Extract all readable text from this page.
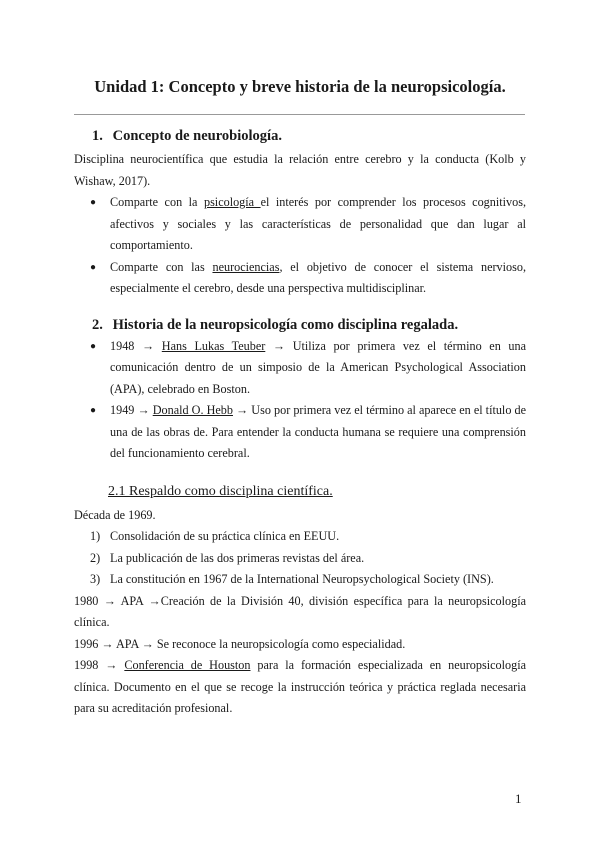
Unidad 1: Concepto y breve historia de la neuropsicología.
1. Concepto de neurobiología.

Disciplina neurocientífica que estudia la relación entre cerebro y la conducta (Kolb y Wishaw, 2017).

● Comparte con la psicología el interés por comprender los procesos cognitivos, afectivos y sociales y las características de personalidad que dan lugar al comportamiento.
● Comparte con las neurociencias, el objetivo de conocer el sistema nervioso, especialmente el cerebro, desde una perspectiva multidisciplinar.
2. Historia de la neuropsicología como disciplina regalada.
● 1948 → Hans Lukas Teuber → Utiliza por primera vez el término en una comunicación dentro de un simposio de la American Psychological Association (APA), celebrado en Boston.
● 1949 → Donald O. Hebb → Uso por primera vez el término al aparece en el título de una de las obras de. Para entender la conducta humana se requiere una comprensión del funcionamiento cerebral.
2.1 Respaldo como disciplina científica.

Década de 1969.

1) Consolidación de su práctica clínica en EEUU.
2) La publicación de las dos primeras revistas del área.
3) La constitución en 1967 de la International Neuropsychological Society (INS).

1980 → APA →Creación de la División 40, división específica para la neuropsicología clínica.

1996 → APA → Se reconoce la neuropsicología como especialidad.

1998 → Conferencia de Houston para la formación especializada en neuropsicología clínica. Documento en el que se recoge la instrucción teórica y práctica reglada necesaria para su acreditación profesional.

1
